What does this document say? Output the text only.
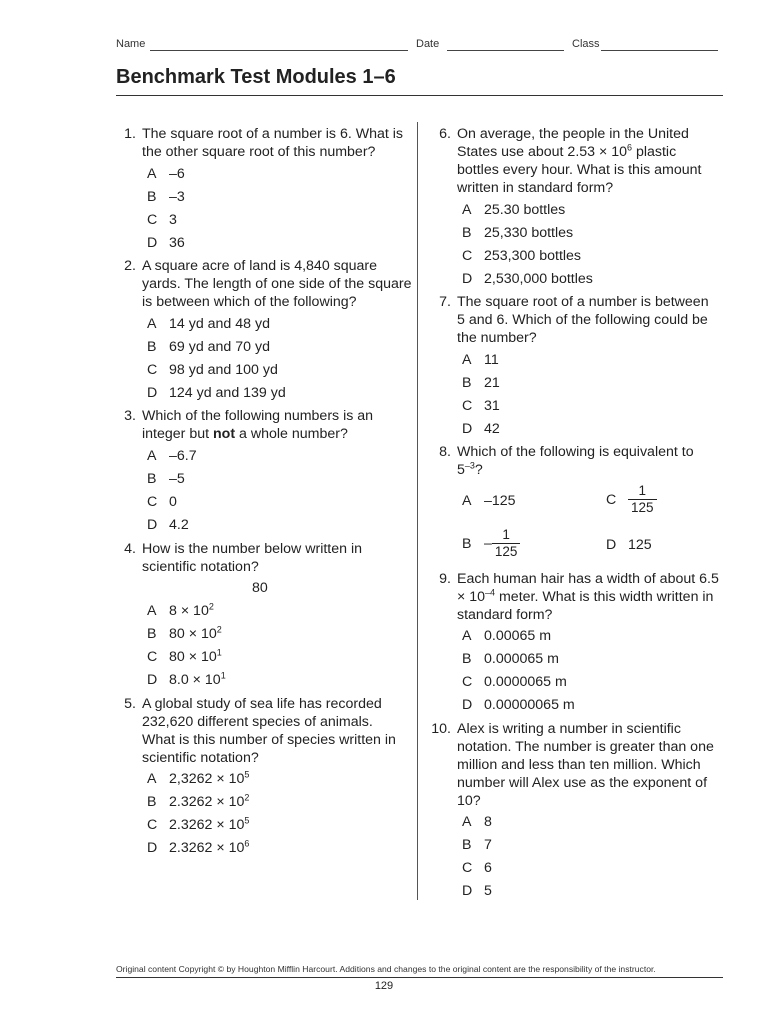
Name	Date	Class
Benchmark Test Modules 1–6
1. The square root of a number is 6. What is the other square root of this number?
A –6
B –3
C 3
D 36
2. A square acre of land is 4,840 square yards. The length of one side of the square is between which of the following?
A 14 yd and 48 yd
B 69 yd and 70 yd
C 98 yd and 100 yd
D 124 yd and 139 yd
3. Which of the following numbers is an integer but not a whole number?
A –6.7
B –5
C 0
D 4.2
4. How is the number below written in scientific notation?
80
A $8 \times 10^2$
B $80 \times 10^2$
C $80 \times 10^1$
D $8.0 \times 10^1$
5. A global study of sea life has recorded 232,620 different species of animals. What is this number of species written in scientific notation?
A $2,3262 \times 10^5$
B $2.3262 \times 10^2$
C $2.3262 \times 10^5$
D $2.3262 \times 10^6$
6. On average, the people in the United States use about $2.53 \times 10^6$ plastic bottles every hour. What is this amount written in standard form?
A 25.30 bottles
B 25,330 bottles
C 253,300 bottles
D 2,530,000 bottles
7. The square root of a number is between 5 and 6. Which of the following could be the number?
A 11
B 21
C 31
D 42
8. Which of the following is equivalent to $5^{-3}$?
A –125	C $\frac{1}{125}$
B – $\frac{1}{125}$	D 125
9. Each human hair has a width of about $6.5 \times 10^{-4}$ meter. What is this width written in standard form?
A 0.00065 m
B 0.000065 m
C 0.0000065 m
D 0.00000065 m
10. Alex is writing a number in scientific notation. The number is greater than one million and less than ten million. Which number will Alex use as the exponent of 10?
A 8
B 7
C 6
D 5
Original content Copyright © by Houghton Mifflin Harcourt. Additions and changes to the original content are the responsibility of the instructor.
129
